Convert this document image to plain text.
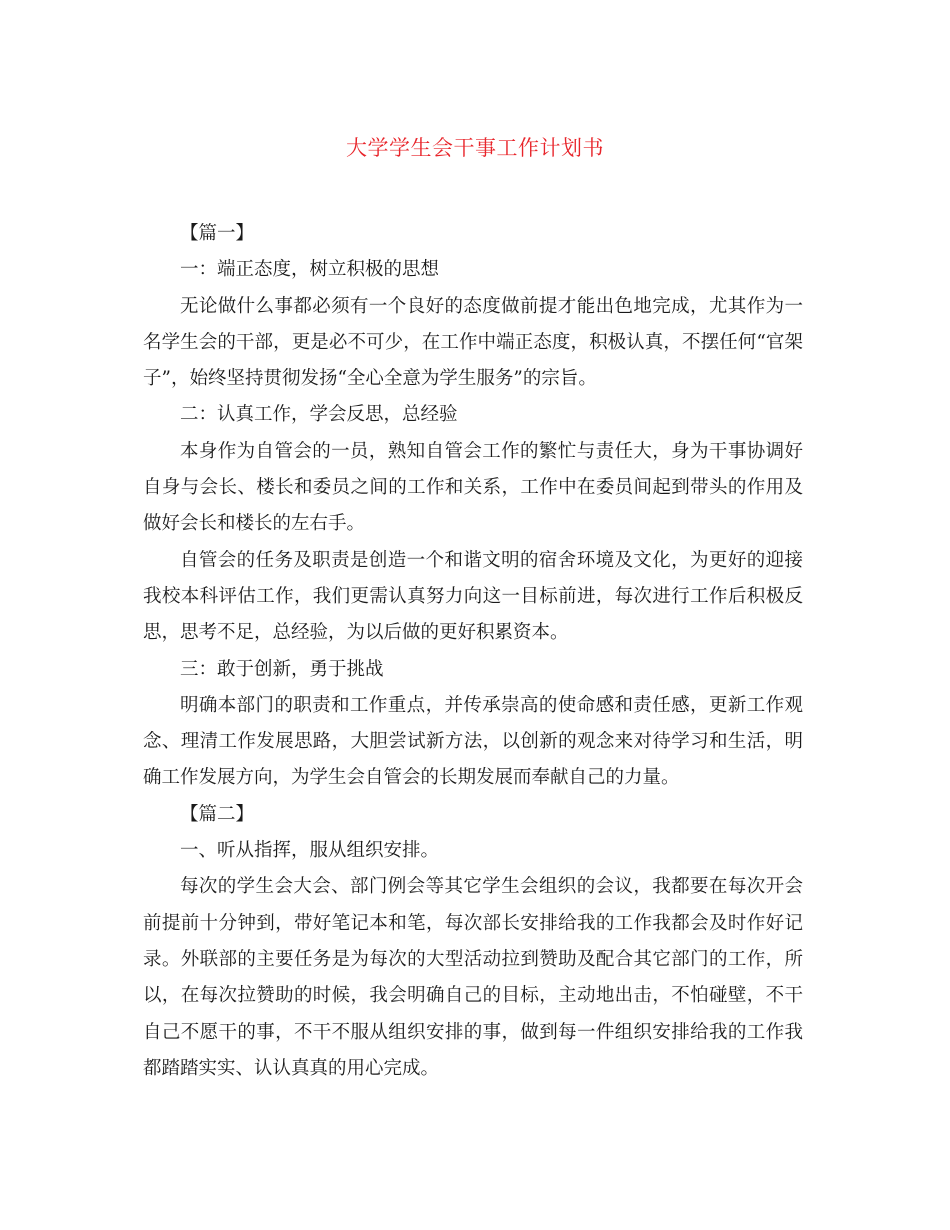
大学学生会干事工作计划书

【篇一】

一：端正态度，树立积极的思想

无论做什么事都必须有一个良好的态度做前提才能出色地完成，尤其作为一名学生会的干部，更是必不可少，在工作中端正态度，积极认真，不摆任何“官架子”，始终坚持贯彻发扬“全心全意为学生服务”的宗旨。

二：认真工作，学会反思，总经验

本身作为自管会的一员，熟知自管会工作的繁忙与责任大，身为干事协调好自身与会长、楼长和委员之间的工作和关系，工作中在委员间起到带头的作用及做好会长和楼长的左右手。

自管会的任务及职责是创造一个和谐文明的宿舍环境及文化，为更好的迎接我校本科评估工作，我们更需认真努力向这一目标前进，每次进行工作后积极反思，思考不足，总经验，为以后做的更好积累资本。

三：敢于创新，勇于挑战

明确本部门的职责和工作重点，并传承崇高的使命感和责任感，更新工作观念、理清工作发展思路，大胆尝试新方法，以创新的观念来对待学习和生活，明确工作发展方向，为学生会自管会的长期发展而奉献自己的力量。

【篇二】

一、听从指挥，服从组织安排。

每次的学生会大会、部门例会等其它学生会组织的会议，我都要在每次开会前提前十分钟到，带好笔记本和笔，每次部长安排给我的工作我都会及时作好记录。外联部的主要任务是为每次的大型活动拉到赞助及配合其它部门的工作，所以，在每次拉赞助的时候，我会明确自己的目标，主动地出击，不怕碰壁，不干自己不愿干的事，不干不服从组织安排的事，做到每一件组织安排给我的工作我都踏踏实实、认认真真的用心完成。
